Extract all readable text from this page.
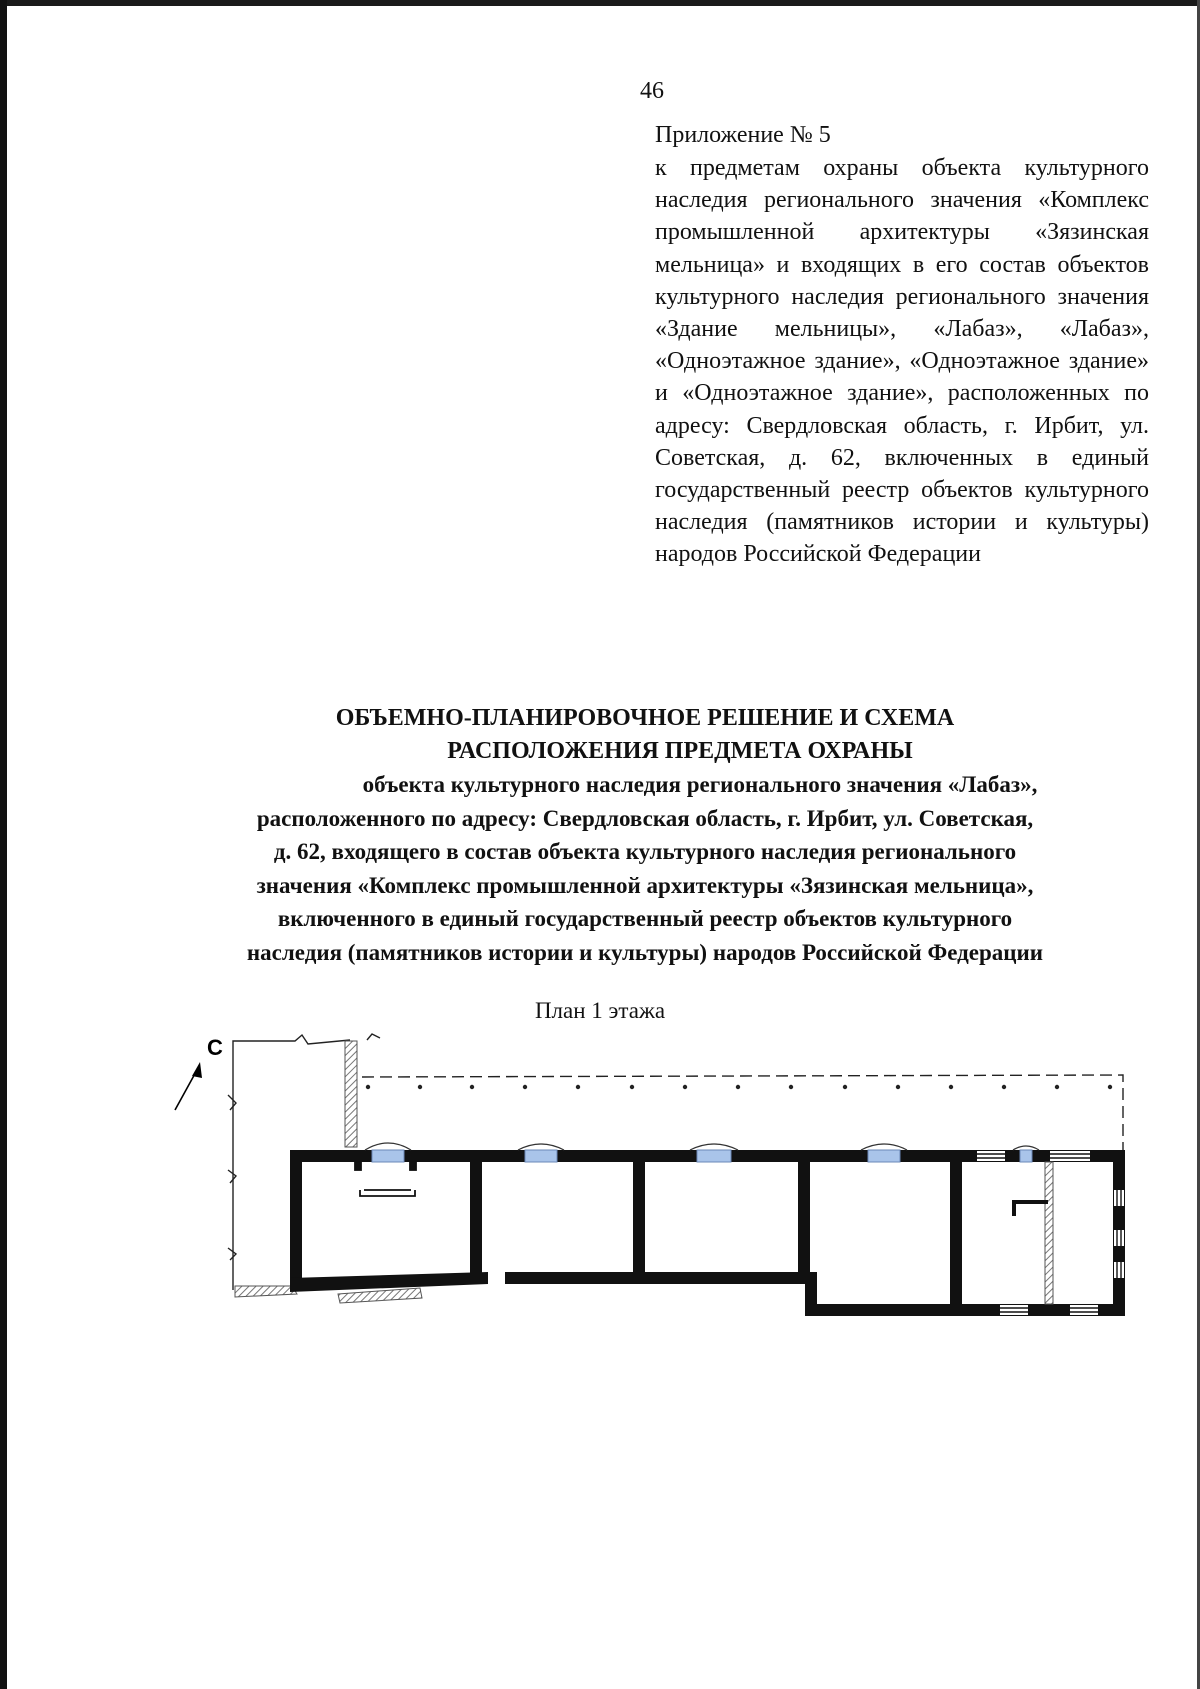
46
Приложение № 5
к предметам охраны объекта культурного наследия регионального значения «Комплекс промышленной архитектуры «Зязинская мельница» и входящих в его состав объектов культурного наследия регионального значения «Здание мельницы», «Лабаз», «Лабаз», «Одноэтажное здание», «Одноэтажное здание» и «Одноэтажное здание», расположенных по адресу: Свердловская область, г. Ирбит, ул. Советская, д. 62, включенных в единый государственный реестр объектов культурного наследия (памятников истории и культуры) народов Российской Федерации
ОБЪЕМНО-ПЛАНИРОВОЧНОЕ РЕШЕНИЕ И СХЕМА
РАСПОЛОЖЕНИЯ ПРЕДМЕТА ОХРАНЫ
объекта культурного наследия регионального значения «Лабаз»,
расположенного по адресу: Свердловская область, г. Ирбит, ул. Советская,
д. 62, входящего в состав объекта культурного наследия регионального
значения «Комплекс промышленной архитектуры «Зязинская мельница»,
включенного в единый государственный реестр объектов культурного
наследия (памятников истории и культуры) народов Российской Федерации
План 1 этажа
С
